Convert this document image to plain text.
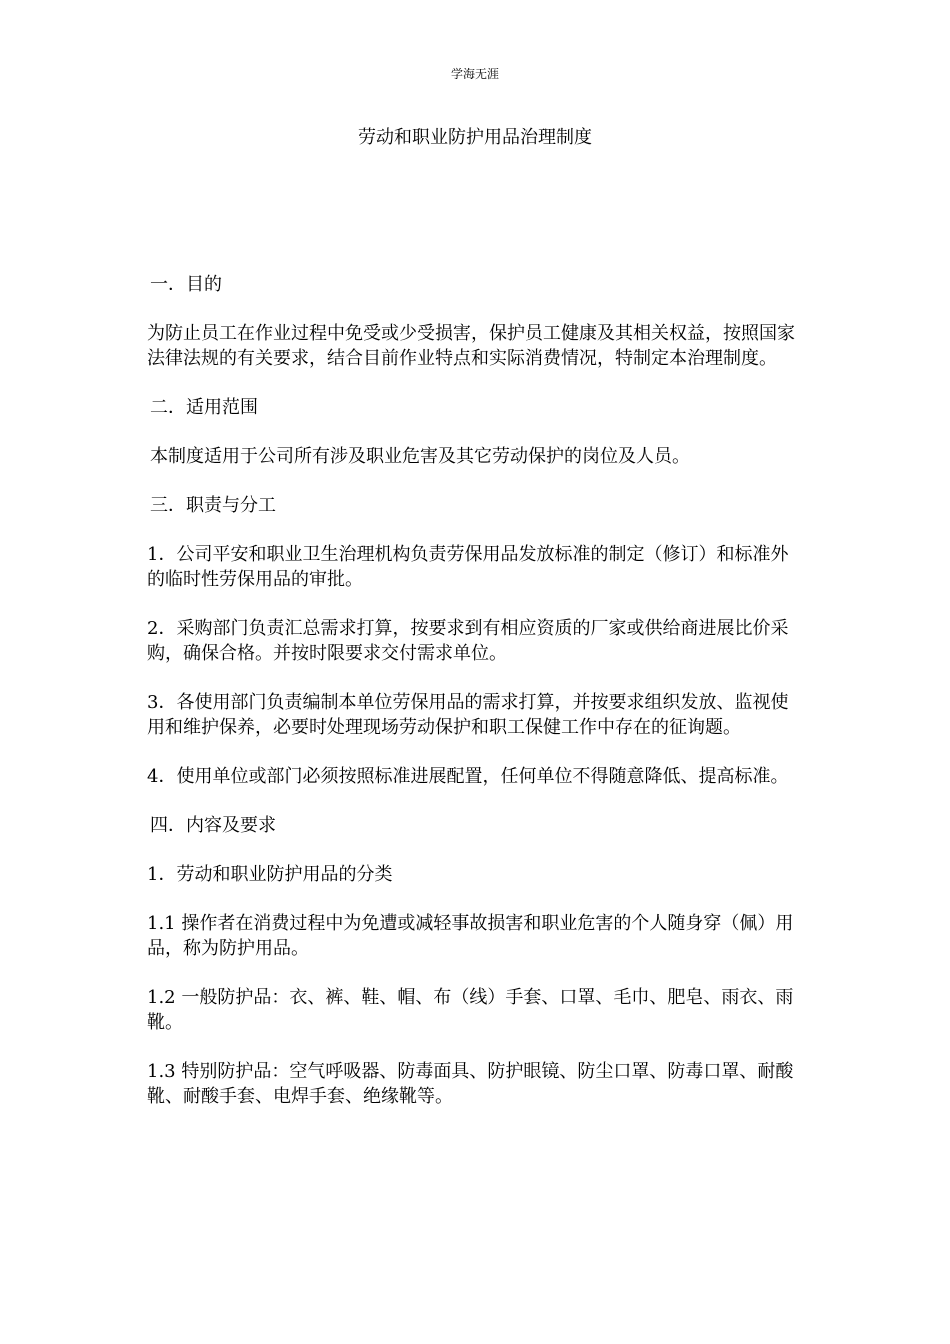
学海无涯
劳动和职业防护用品治理制度

一．目的

为防止员工在作业过程中免受或少受损害，保护员工健康及其相关权益，按照国家法律法规的有关要求，结合目前作业特点和实际消费情况，特制定本治理制度。

二．适用范围

本制度适用于公司所有涉及职业危害及其它劳动保护的岗位及人员。

三．职责与分工

1．公司平安和职业卫生治理机构负责劳保用品发放标准的制定（修订）和标准外的临时性劳保用品的审批。

2．采购部门负责汇总需求打算，按要求到有相应资质的厂家或供给商进展比价采购，确保合格。并按时限要求交付需求单位。

3．各使用部门负责编制本单位劳保用品的需求打算，并按要求组织发放、监视使用和维护保养，必要时处理现场劳动保护和职工保健工作中存在的征询题。

4．使用单位或部门必须按照标准进展配置，任何单位不得随意降低、提高标准。

四．内容及要求

1．劳动和职业防护用品的分类

1.1 操作者在消费过程中为免遭或减轻事故损害和职业危害的个人随身穿（佩）用品，称为防护用品。

1.2 一般防护品：衣、裤、鞋、帽、布（线）手套、口罩、毛巾、肥皂、雨衣、雨靴。

1.3 特别防护品：空气呼吸器、防毒面具、防护眼镜、防尘口罩、防毒口罩、耐酸靴、耐酸手套、电焊手套、绝缘靴等。
